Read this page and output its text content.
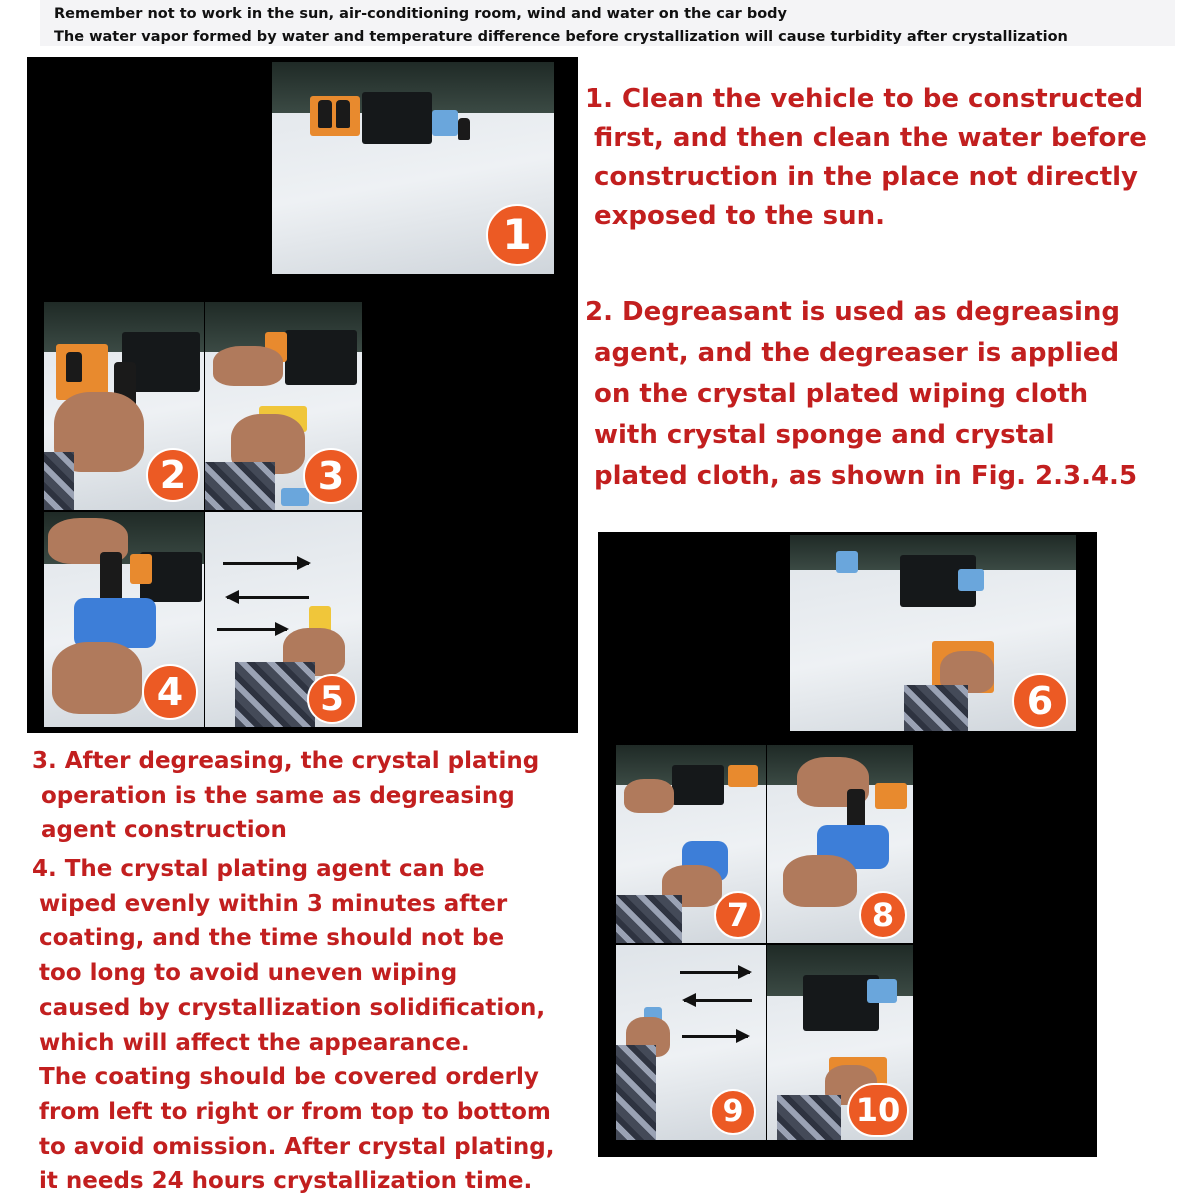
Remember not to work in the sun, air-conditioning room, wind and water on the car body
The water vapor formed by water and temperature difference before crystallization will cause turbidity after crystallization
1
2	3
4	5	6
7	8
9	10
1. Clean the vehicle to be constructed
first, and then clean the water before
construction in the place not directly
exposed to the sun.
2. Degreasant is used as degreasing
agent, and the degreaser is applied
on the crystal plated wiping cloth
with crystal sponge and crystal
plated cloth, as shown in Fig. 2.3.4.5
3. After degreasing, the crystal plating
operation is the same as degreasing
agent construction
4. The crystal plating agent can be
wiped evenly within 3 minutes after
coating, and the time should not be
too long to avoid uneven wiping
caused by crystallization solidification,
which will affect the appearance.
The coating should be covered orderly
from left to right or from top to bottom
to avoid omission. After crystal plating,
it needs 24 hours crystallization time.
